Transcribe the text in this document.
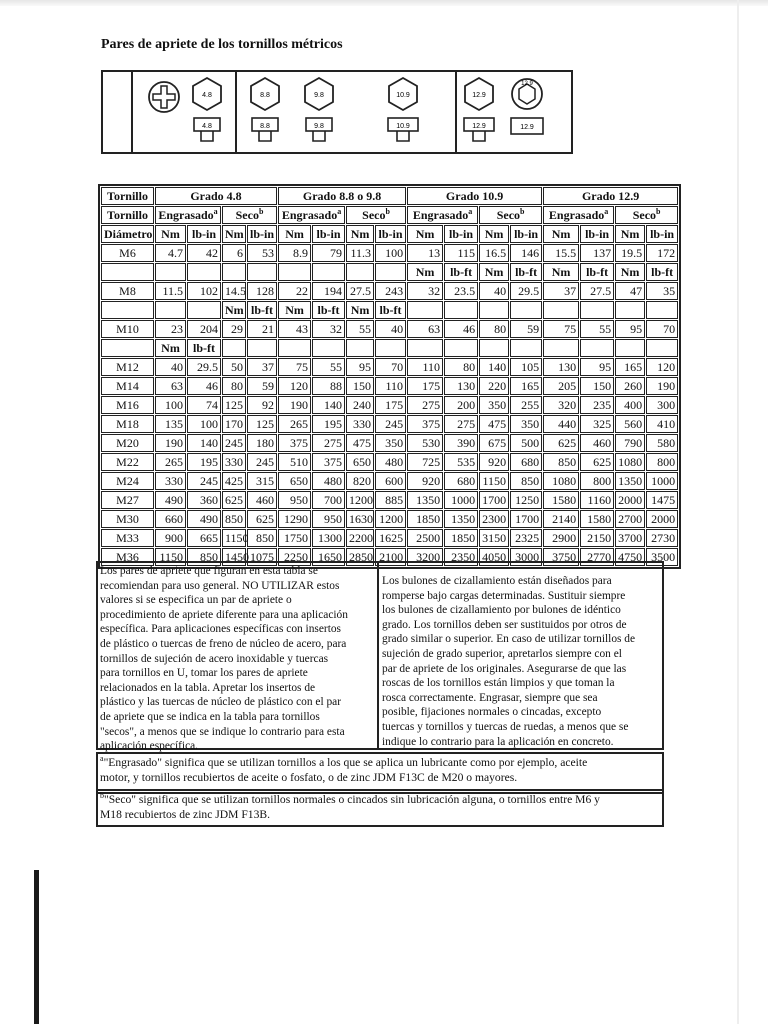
Pares de apriete de los tornillos métricos
4.8
4.8
8.8
8.8
9.8
9.8
10.9
10.9
12.9
12.9
12.9
12.9
Tornillo	Grado 4.8				Grado 8.8 o 9.8				Grado 10.9				Grado 12.9			
Tornillo	Engrasado$^a$		Seco$^b$		Engrasado$^a$		Seco$^b$		Engrasado$^a$		Seco$^b$		Engrasado$^a$		Seco$^b$
Diámetro	Nm	lb-in	Nm	lb-in	Nm	lb-in	Nm	lb-in	Nm	lb-in	Nm	lb-in	Nm	lb-in	Nm	lb-in
M6	4.7	42	6	53	8.9	79	11.3	100	13	115	16.5	146	15.5	137	19.5	172
									Nm	lb-ft	Nm	lb-ft	Nm	lb-ft	Nm	lb-ft
M8	11.5	102	14.5	128	22	194	27.5	243	32	23.5	40	29.5	37	27.5	47	35
			Nm	lb-ft	Nm	lb-ft	Nm	lb-ft								
M10	23	204	29	21	43	32	55	40	63	46	80	59	75	55	95	70
	Nm	lb-ft														
M12	40	29.5	50	37	75	55	95	70	110	80	140	105	130	95	165	120
M14	63	46	80	59	120	88	150	110	175	130	220	165	205	150	260	190
M16	100	74	125	92	190	140	240	175	275	200	350	255	320	235	400	300
M18	135	100	170	125	265	195	330	245	375	275	475	350	440	325	560	410
M20	190	140	245	180	375	275	475	350	530	390	675	500	625	460	790	580
M22	265	195	330	245	510	375	650	480	725	535	920	680	850	625	1080	800
M24	330	245	425	315	650	480	820	600	920	680	1150	850	1080	800	1350	1000
M27	490	360	625	460	950	700	1200	885	1350	1000	1700	1250	1580	1160	2000	1475
M30	660	490	850	625	1290	950	1630	1200	1850	1350	2300	1700	2140	1580	2700	2000
M33	900	665	1150	850	1750	1300	2200	1625	2500	1850	3150	2325	2900	2150	3700	2730
M36	1150	850	1450	1075	2250	1650	2850	2100	3200	2350	4050	3000	3750	2770	4750	3500
Los pares de apriete que figuran en esta tabla se
recomiendan para uso general. NO UTILIZAR estos
valores si se especifica un par de apriete o
procedimiento de apriete diferente para una aplicación
específica. Para aplicaciones específicas con insertos
de plástico o tuercas de freno de núcleo de acero, para
tornillos de sujeción de acero inoxidable y tuercas
para tornillos en U, tomar los pares de apriete
relacionados en la tabla. Apretar los insertos de
plástico y las tuercas de núcleo de plástico con el par
de apriete que se indica en la tabla para tornillos
"secos", a menos que se indique lo contrario para esta
aplicación específica.
Los bulones de cizallamiento están diseñados para
romperse bajo cargas determinadas. Sustituir siempre
los bulones de cizallamiento por bulones de idéntico
grado. Los tornillos deben ser sustituidos por otros de
grado similar o superior. En caso de utilizar tornillos de
sujeción de grado superior, apretarlos siempre con el
par de apriete de los originales. Asegurarse de que las
roscas de los tornillos están limpios y que toman la
rosca correctamente. Engrasar, siempre que sea
posible, fijaciones normales o cincadas, excepto
tuercas y tornillos y tuercas de ruedas, a menos que se
indique lo contrario para la aplicación en concreto.
$^a$"Engrasado" significa que se utilizan tornillos a los que se aplica un lubricante como por ejemplo, aceite
motor, y tornillos recubiertos de aceite o fosfato, o de zinc JDM F13C de M20 o mayores.
$^b$"Seco" significa que se utilizan tornillos normales o cincados sin lubricación alguna, o tornillos entre M6 y
M18 recubiertos de zinc JDM F13B.
